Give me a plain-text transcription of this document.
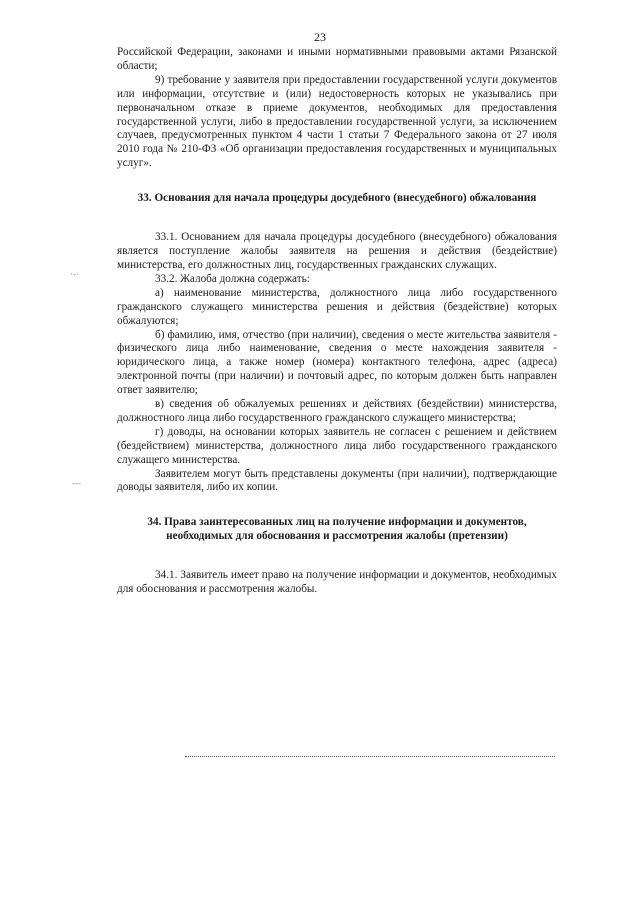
23
·‐·
‐‐‐

Российской Федерации, законами и иными нормативными правовыми актами Рязанской области;

9) требование у заявителя при предоставлении государственной услуги документов или информации, отсутствие и (или) недостоверность которых не указывались при первоначальном отказе в приеме документов, необходимых для предоставления государственной услуги, либо в предоставлении государственной услуги, за исключением случаев, предусмотренных пунктом 4 части 1 статьи 7 Федерального закона от 27 июля 2010 года № 210-ФЗ «Об организации предоставления государственных и муниципальных услуг».

33. Основания для начала процедуры досудебного (внесудебного) обжалования

33.1. Основанием для начала процедуры досудебного (внесудебного) обжалования является поступление жалобы заявителя на решения и действия (бездействие) министерства, его должностных лиц, государственных гражданских служащих.

33.2. Жалоба должна содержать:

а) наименование министерства, должностного лица либо государственного гражданского служащего министерства решения и действия (бездействие) которых обжалуются;

б) фамилию, имя, отчество (при наличии), сведения о месте жительства заявителя - физического лица либо наименование, сведения о месте нахождения заявителя - юридического лица, а также номер (номера) контактного телефона, адрес (адреса) электронной почты (при наличии) и почтовый адрес, по которым должен быть направлен ответ заявителю;

в) сведения об обжалуемых решениях и действиях (бездействии) министерства, должностного лица либо государственного гражданского служащего министерства;

г) доводы, на основании которых заявитель не согласен с решением и действием (бездействием) министерства, должностного лица либо государственного гражданского служащего министерства.

Заявителем могут быть представлены документы (при наличии), подтверждающие доводы заявителя, либо их копии.

34. Права заинтересованных лиц на получение информации и документов, необходимых для обоснования и рассмотрения жалобы (претензии)

34.1. Заявитель имеет право на получение информации и документов, необходимых для обоснования и рассмотрения жалобы.
